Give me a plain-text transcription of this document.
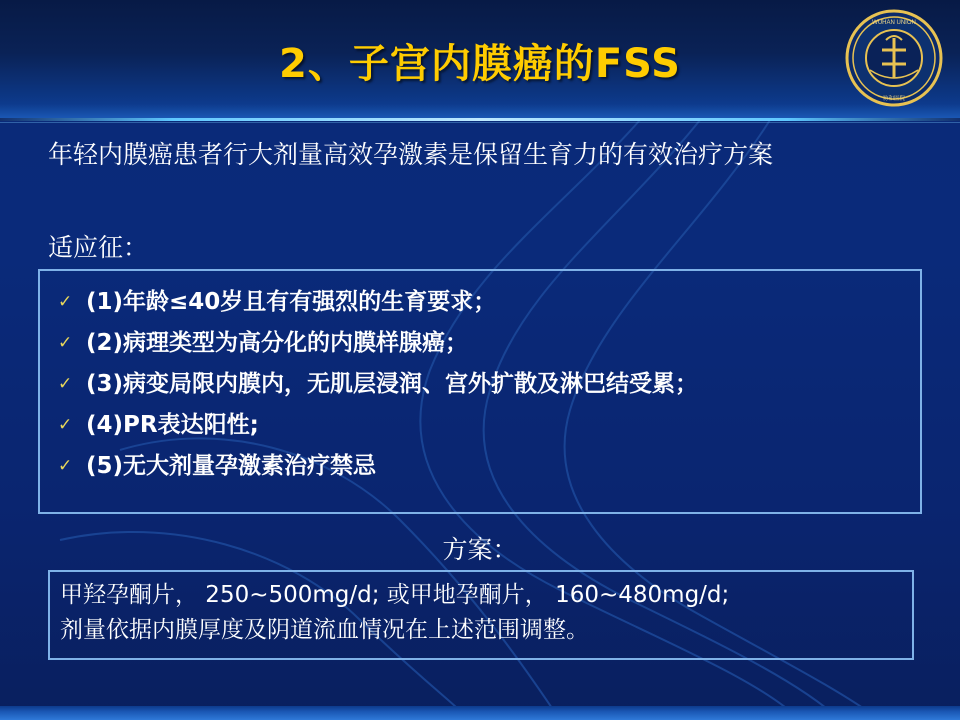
2、子宫内膜癌的FSS
WUHAN UNION
协和医院
年轻内膜癌患者行大剂量高效孕激素是保留生育力的有效治疗方案
适应征：
✓ (1)年龄≤40岁且有有强烈的生育要求；
✓ (2)病理类型为高分化的内膜样腺癌；
✓ (3)病变局限内膜内，无肌层浸润、宫外扩散及淋巴结受累；
✓ (4)PR表达阳性;
✓ (5)无大剂量孕激素治疗禁忌
方案：
甲羟孕酮片， 250~500mg/d; 或甲地孕酮片， 160~480mg/d;
剂量依据内膜厚度及阴道流血情况在上述范围调整。
